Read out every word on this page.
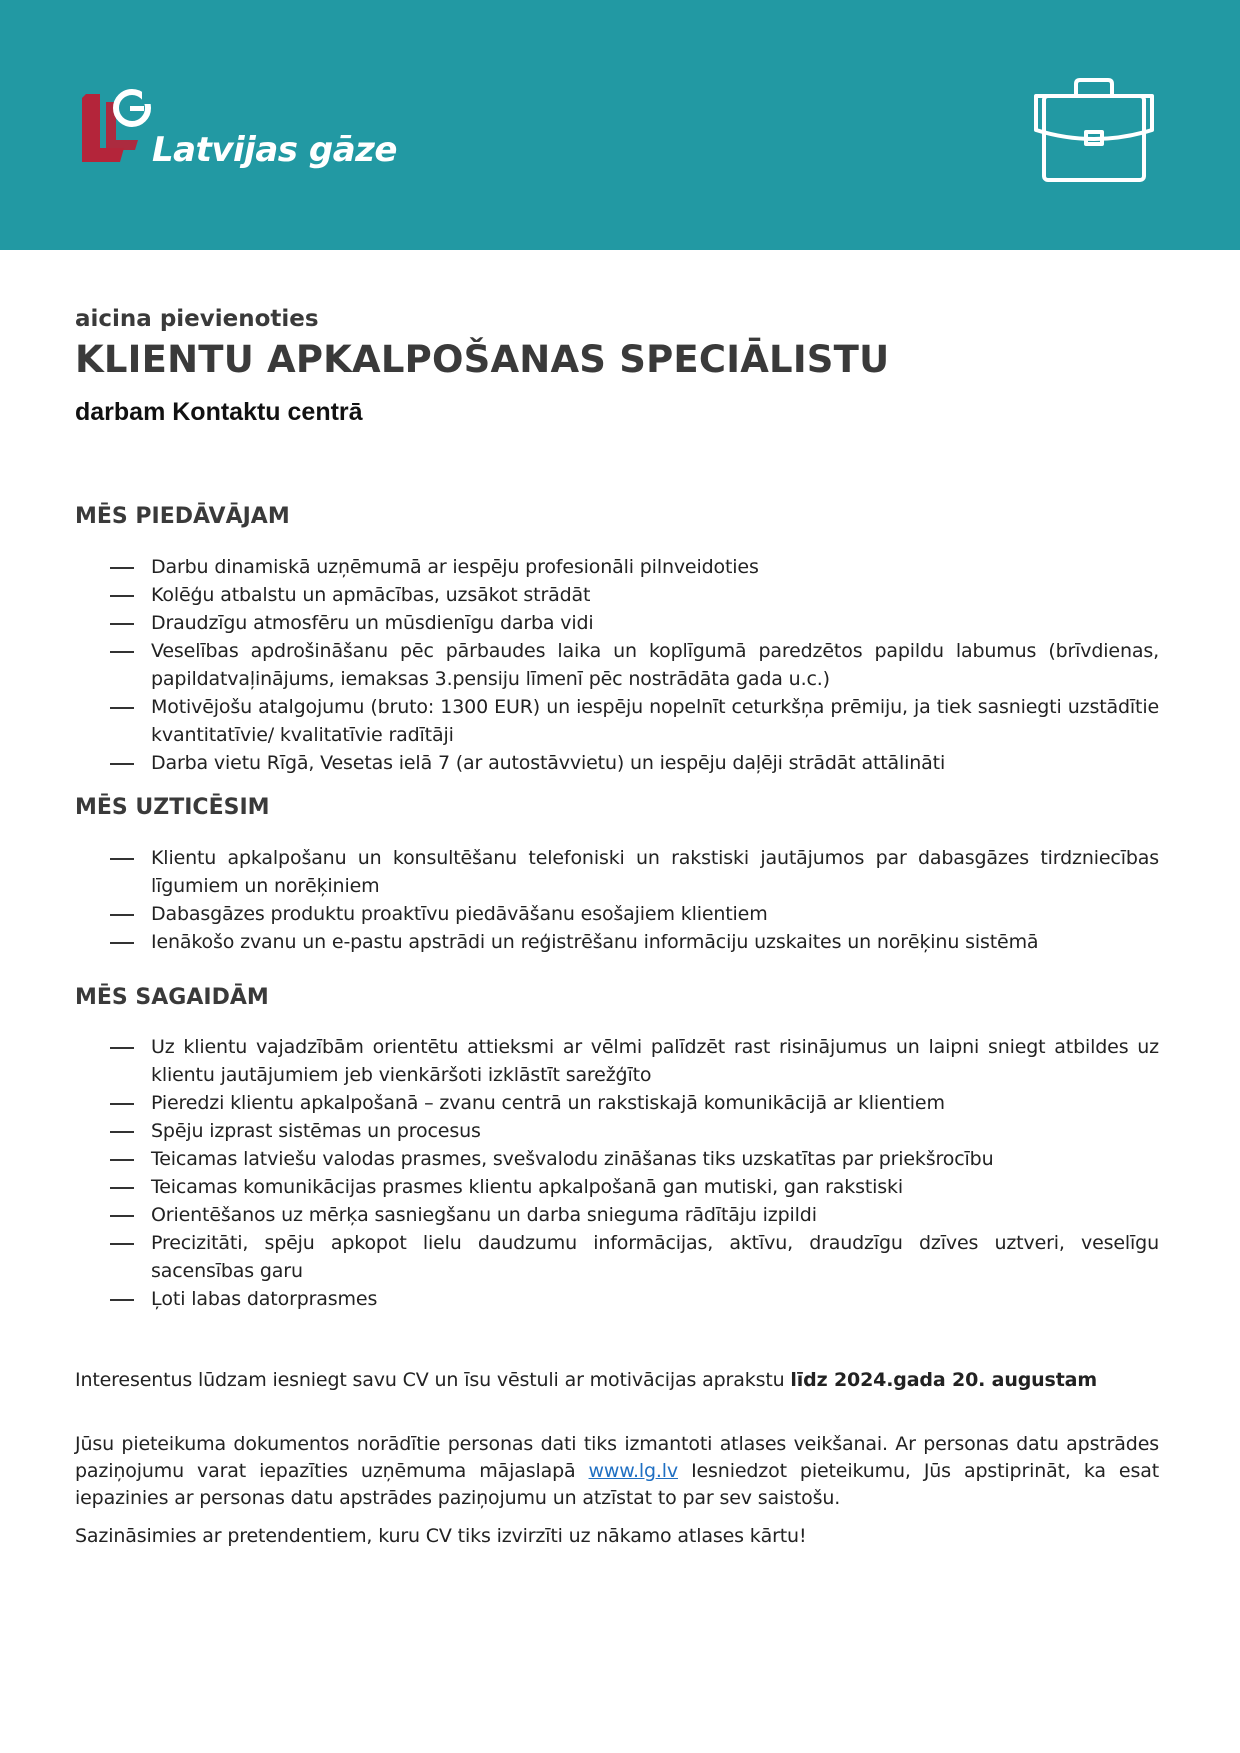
Latvijas gāze
aicina pievienoties
KLIENTU APKALPOŠANAS SPECIĀLISTU
darbam Kontaktu centrā
MĒS PIEDĀVĀJAM
Darbu dinamiskā uzņēmumā ar iespēju profesionāli pilnveidoties
Kolēģu atbalstu un apmācības, uzsākot strādāt
Draudzīgu atmosfēru un mūsdienīgu darba vidi
Veselības apdrošināšanu pēc pārbaudes laika un koplīgumā paredzētos papildu labumus (brīvdienas, papildatvaļinājums, iemaksas 3.pensiju līmenī pēc nostrādāta gada u.c.)
Motivējošu atalgojumu (bruto: 1300 EUR) un iespēju nopelnīt ceturkšņa prēmiju, ja tiek sasniegti uzstādītie kvantitatīvie/ kvalitatīvie radītāji
Darba vietu Rīgā, Vesetas ielā 7 (ar autostāvvietu) un iespēju daļēji strādāt attālināti
MĒS UZTICĒSIM
Klientu apkalpošanu un konsultēšanu telefoniski un rakstiski jautājumos par dabasgāzes tirdzniecības līgumiem un norēķiniem
Dabasgāzes produktu proaktīvu piedāvāšanu esošajiem klientiem
Ienākošo zvanu un e-pastu apstrādi un reģistrēšanu informāciju uzskaites un norēķinu sistēmā
MĒS SAGAIDĀM
Uz klientu vajadzībām orientētu attieksmi ar vēlmi palīdzēt rast risinājumus un laipni sniegt atbildes uz klientu jautājumiem jeb vienkāršoti izklāstīt sarežģīto
Pieredzi klientu apkalpošanā – zvanu centrā un rakstiskajā komunikācijā ar klientiem
Spēju izprast sistēmas un procesus
Teicamas latviešu valodas prasmes, svešvalodu zināšanas tiks uzskatītas par priekšrocību
Teicamas komunikācijas prasmes klientu apkalpošanā gan mutiski, gan rakstiski
Orientēšanos uz mērķa sasniegšanu un darba snieguma rādītāju izpildi
Precizitāti, spēju apkopot lielu daudzumu informācijas, aktīvu, draudzīgu dzīves uztveri, veselīgu sacensības garu
Ļoti labas datorprasmes

Interesentus lūdzam iesniegt savu CV un īsu vēstuli ar motivācijas aprakstu līdz 2024.gada 20. augustam

Jūsu pieteikuma dokumentos norādītie personas dati tiks izmantoti atlases veikšanai. Ar personas datu apstrādes paziņojumu varat iepazīties uzņēmuma mājaslapā www.lg.lv Iesniedzot pieteikumu, Jūs apstiprināt, ka esat iepazinies ar personas datu apstrādes paziņojumu un atzīstat to par sev saistošu.

Sazināsimies ar pretendentiem, kuru CV tiks izvirzīti uz nākamo atlases kārtu!
